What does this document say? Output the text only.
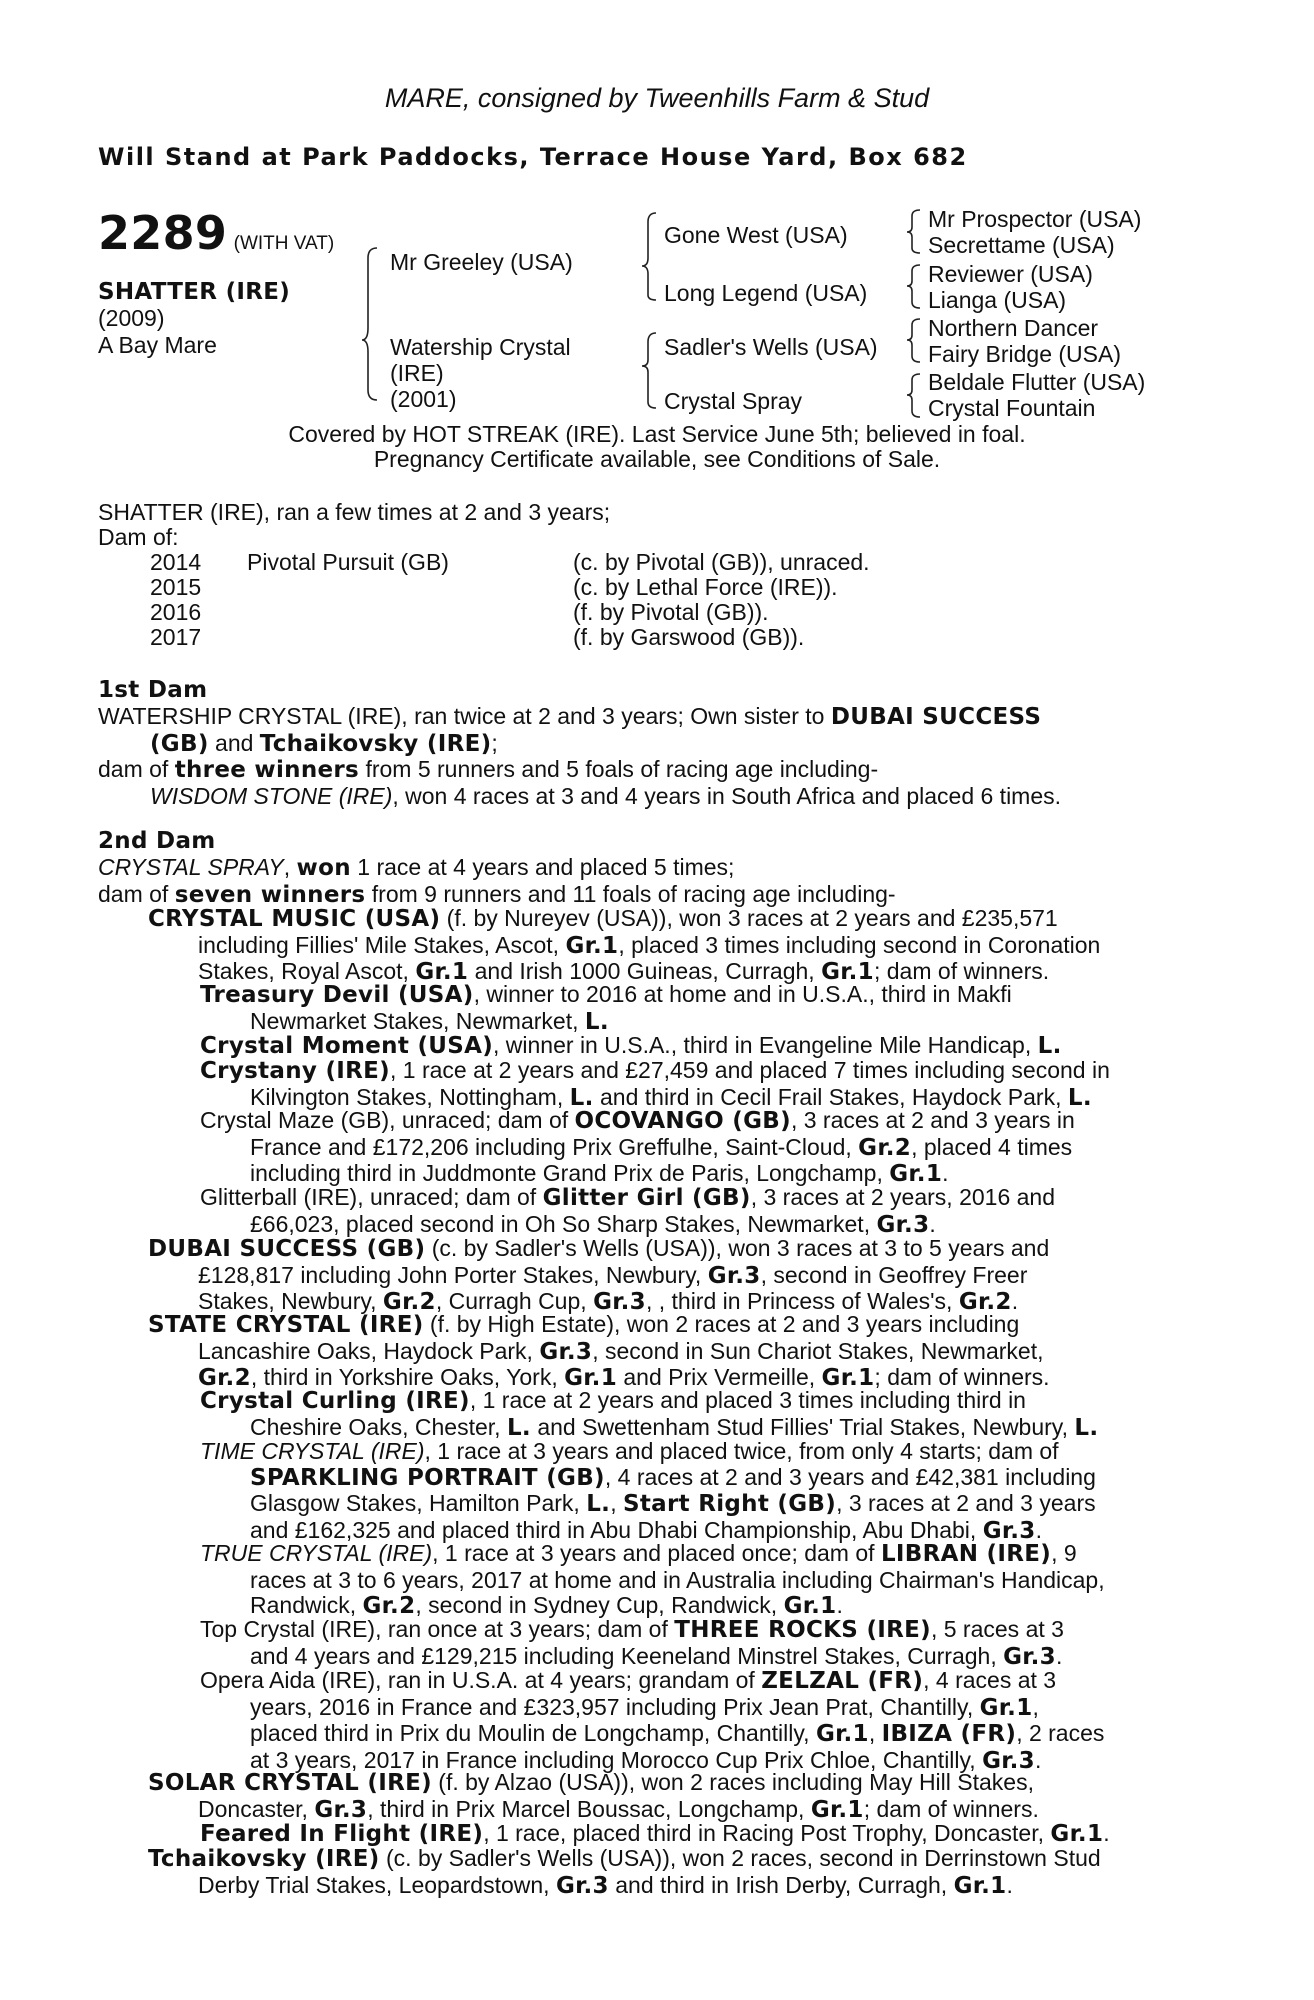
MARE, consigned by Tweenhills Farm & Stud
Will Stand at Park Paddocks, Terrace House Yard, Box 682
2289 (WITH VAT)
SHATTER (IRE)
(2009)
A Bay Mare
Mr Greeley (USA)
Watership Crystal
(IRE)
(2001)
Gone West (USA)
Long Legend (USA)
Sadler's Wells (USA)
Crystal Spray
Mr Prospector (USA)
Secrettame (USA)
Reviewer (USA)
Lianga (USA)
Northern Dancer
Fairy Bridge (USA)
Beldale Flutter (USA)
Crystal Fountain
Covered by HOT STREAK (IRE). Last Service June 5th; believed in foal.
Pregnancy Certificate available, see Conditions of Sale.
SHATTER (IRE), ran a few times at 2 and 3 years;
Dam of:
2014 Pivotal Pursuit (GB)	(c. by Pivotal (GB)), unraced.
2015	(c. by Lethal Force (IRE)).
2016	(f. by Pivotal (GB)).
2017	(f. by Garswood (GB)).
1st Dam
WATERSHIP CRYSTAL (IRE), ran twice at 2 and 3 years; Own sister to DUBAI SUCCESS
(GB) and Tchaikovsky (IRE);
dam of three winners from 5 runners and 5 foals of racing age including-
WISDOM STONE (IRE), won 4 races at 3 and 4 years in South Africa and placed 6 times.
2nd Dam
CRYSTAL SPRAY, won 1 race at 4 years and placed 5 times;
dam of seven winners from 9 runners and 11 foals of racing age including-
CRYSTAL MUSIC (USA) (f. by Nureyev (USA)), won 3 races at 2 years and £235,571
including Fillies' Mile Stakes, Ascot, Gr.1, placed 3 times including second in Coronation
Stakes, Royal Ascot, Gr.1 and Irish 1000 Guineas, Curragh, Gr.1; dam of winners.
Treasury Devil (USA), winner to 2016 at home and in U.S.A., third in Makfi
Newmarket Stakes, Newmarket, L.
Crystal Moment (USA), winner in U.S.A., third in Evangeline Mile Handicap, L.
Crystany (IRE), 1 race at 2 years and £27,459 and placed 7 times including second in
Kilvington Stakes, Nottingham, L. and third in Cecil Frail Stakes, Haydock Park, L.
Crystal Maze (GB), unraced; dam of OCOVANGO (GB), 3 races at 2 and 3 years in
France and £172,206 including Prix Greffulhe, Saint-Cloud, Gr.2, placed 4 times
including third in Juddmonte Grand Prix de Paris, Longchamp, Gr.1.
Glitterball (IRE), unraced; dam of Glitter Girl (GB), 3 races at 2 years, 2016 and
£66,023, placed second in Oh So Sharp Stakes, Newmarket, Gr.3.
DUBAI SUCCESS (GB) (c. by Sadler's Wells (USA)), won 3 races at 3 to 5 years and
£128,817 including John Porter Stakes, Newbury, Gr.3, second in Geoffrey Freer
Stakes, Newbury, Gr.2, Curragh Cup, Gr.3, , third in Princess of Wales's, Gr.2.
STATE CRYSTAL (IRE) (f. by High Estate), won 2 races at 2 and 3 years including
Lancashire Oaks, Haydock Park, Gr.3, second in Sun Chariot Stakes, Newmarket,
Gr.2, third in Yorkshire Oaks, York, Gr.1 and Prix Vermeille, Gr.1; dam of winners.
Crystal Curling (IRE), 1 race at 2 years and placed 3 times including third in
Cheshire Oaks, Chester, L. and Swettenham Stud Fillies' Trial Stakes, Newbury, L.
TIME CRYSTAL (IRE), 1 race at 3 years and placed twice, from only 4 starts; dam of
SPARKLING PORTRAIT (GB), 4 races at 2 and 3 years and £42,381 including
Glasgow Stakes, Hamilton Park, L., Start Right (GB), 3 races at 2 and 3 years
and £162,325 and placed third in Abu Dhabi Championship, Abu Dhabi, Gr.3.
TRUE CRYSTAL (IRE), 1 race at 3 years and placed once; dam of LIBRAN (IRE), 9
races at 3 to 6 years, 2017 at home and in Australia including Chairman's Handicap,
Randwick, Gr.2, second in Sydney Cup, Randwick, Gr.1.
Top Crystal (IRE), ran once at 3 years; dam of THREE ROCKS (IRE), 5 races at 3
and 4 years and £129,215 including Keeneland Minstrel Stakes, Curragh, Gr.3.
Opera Aida (IRE), ran in U.S.A. at 4 years; grandam of ZELZAL (FR), 4 races at 3
years, 2016 in France and £323,957 including Prix Jean Prat, Chantilly, Gr.1,
placed third in Prix du Moulin de Longchamp, Chantilly, Gr.1, IBIZA (FR), 2 races
at 3 years, 2017 in France including Morocco Cup Prix Chloe, Chantilly, Gr.3.
SOLAR CRYSTAL (IRE) (f. by Alzao (USA)), won 2 races including May Hill Stakes,
Doncaster, Gr.3, third in Prix Marcel Boussac, Longchamp, Gr.1; dam of winners.
Feared In Flight (IRE), 1 race, placed third in Racing Post Trophy, Doncaster, Gr.1.
Tchaikovsky (IRE) (c. by Sadler's Wells (USA)), won 2 races, second in Derrinstown Stud
Derby Trial Stakes, Leopardstown, Gr.3 and third in Irish Derby, Curragh, Gr.1.
